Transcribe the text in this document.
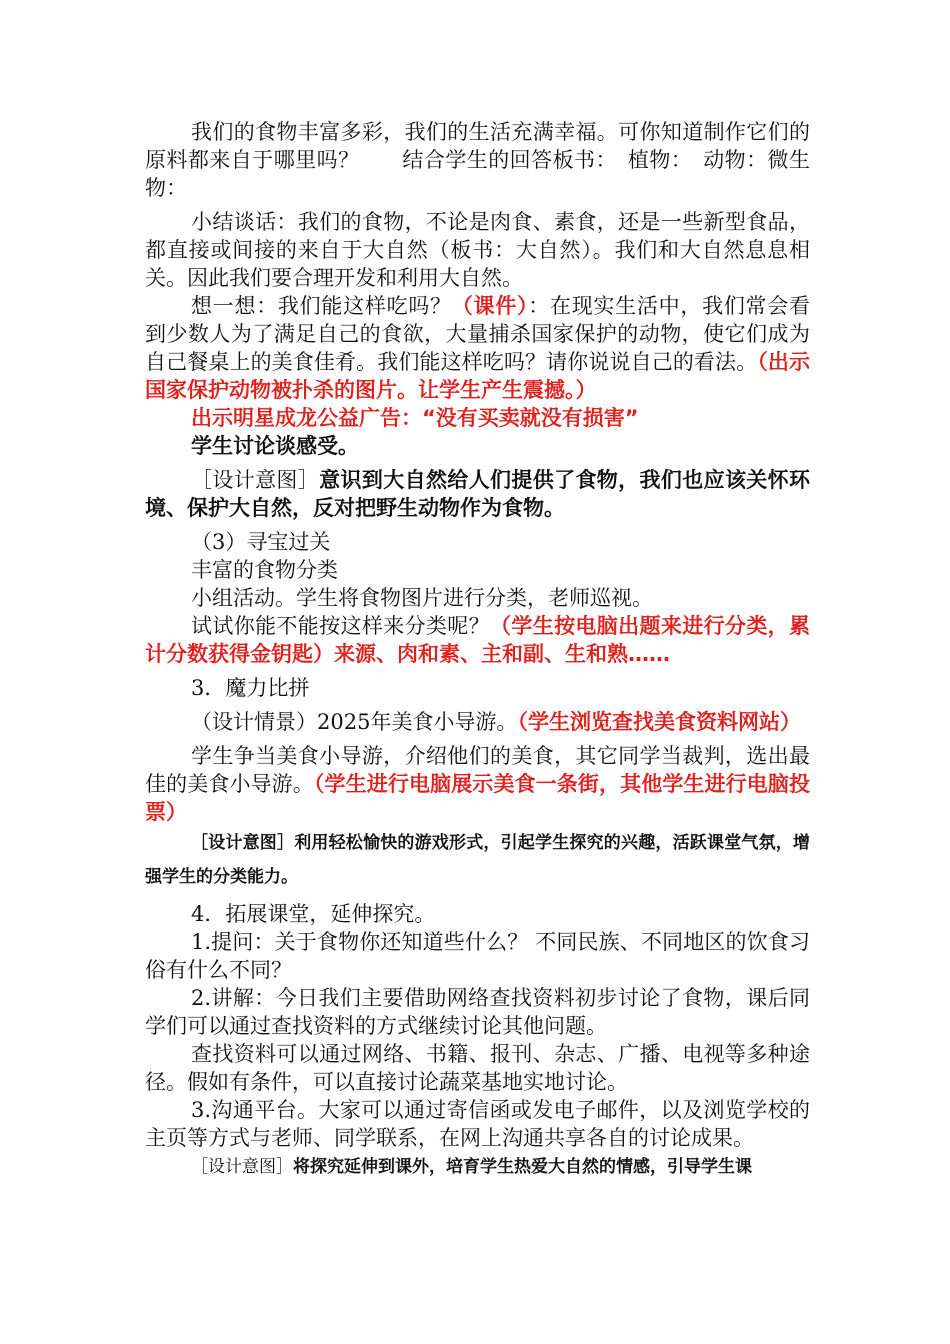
我们的食物丰富多彩，我们的生活充满幸福。可你知道制作它们的原料都来自于哪里吗？　　结合学生的回答板书：　植物：　动物：微生物：

小结谈话：我们的食物，不论是肉食、素食，还是一些新型食品，都直接或间接的来自于大自然（板书：大自然）。我们和大自然息息相关。因此我们要合理开发和利用大自然。

想一想：我们能这样吃吗？（课件）：在现实生活中，我们常会看到少数人为了满足自己的食欲，大量捕杀国家保护的动物，使它们成为自己餐桌上的美食佳肴。我们能这样吃吗？请你说说自己的看法。（出示国家保护动物被扑杀的图片。让学生产生震撼。）

出示明星成龙公益广告：“没有买卖就没有损害”

学生讨论谈感受。

［设计意图］意识到大自然给人们提供了食物，我们也应该关怀环境、保护大自然，反对把野生动物作为食物。

（3）寻宝过关

丰富的食物分类

小组活动。学生将食物图片进行分类，老师巡视。

试试你能不能按这样来分类呢？（学生按电脑出题来进行分类，累计分数获得金钥匙）来源、肉和素、主和副、生和熟……

3．魔力比拼

（设计情景）2025年美食小导游。（学生浏览查找美食资料网站）

学生争当美食小导游，介绍他们的美食，其它同学当裁判，选出最佳的美食小导游。（学生进行电脑展示美食一条街，其他学生进行电脑投票）

［设计意图］利用轻松愉快的游戏形式，引起学生探究的兴趣，活跃课堂气氛，增强学生的分类能力。

4．拓展课堂，延伸探究。

1.提问：关于食物你还知道些什么？ 不同民族、不同地区的饮食习俗有什么不同？

2.讲解：今日我们主要借助网络查找资料初步讨论了食物，课后同学们可以通过查找资料的方式继续讨论其他问题。

查找资料可以通过网络、书籍、报刊、杂志、广播、电视等多种途径。假如有条件，可以直接讨论蔬菜基地实地讨论。

3.沟通平台。大家可以通过寄信函或发电子邮件，以及浏览学校的主页等方式与老师、同学联系，在网上沟通共享各自的讨论成果。

［设计意图］将探究延伸到课外，培育学生热爱大自然的情感，引导学生课
